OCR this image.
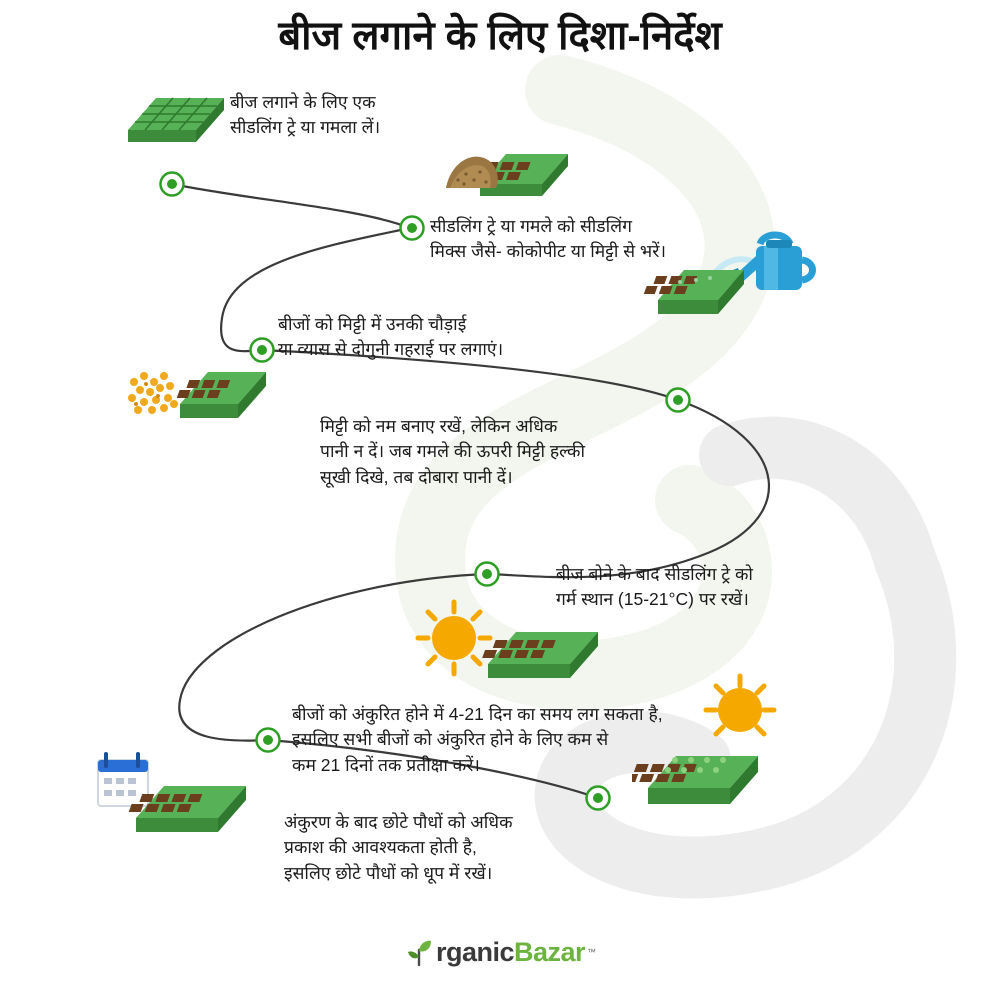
बीज लगाने के लिए दिशा-निर्देश
बीज लगाने के लिए एक
सीडलिंग ट्रे या गमला लें।
सीडलिंग ट्रे या गमले को सीडलिंग
मिक्स जैसे- कोकोपीट या मिट्टी से भरें।
बीजों को मिट्टी में उनकी चौड़ाई
या व्यास से दोगुनी गहराई पर लगाएं।
मिट्टी को नम बनाए रखें, लेकिन अधिक
पानी न दें। जब गमले की ऊपरी मिट्टी हल्की
सूखी दिखे, तब दोबारा पानी दें।
बीज बोने के बाद सीडलिंग ट्रे को
गर्म स्थान (15-21°C) पर रखें।
बीजों को अंकुरित होने में 4-21 दिन का समय लग सकता है,
इसलिए सभी बीजों को अंकुरित होने के लिए कम से
कम 21 दिनों तक प्रतीक्षा करें।
अंकुरण के बाद छोटे पौधों को अधिक
प्रकाश की आवश्यकता होती है,
इसलिए छोटे पौधों को धूप में रखें।
rganicBazar ™
